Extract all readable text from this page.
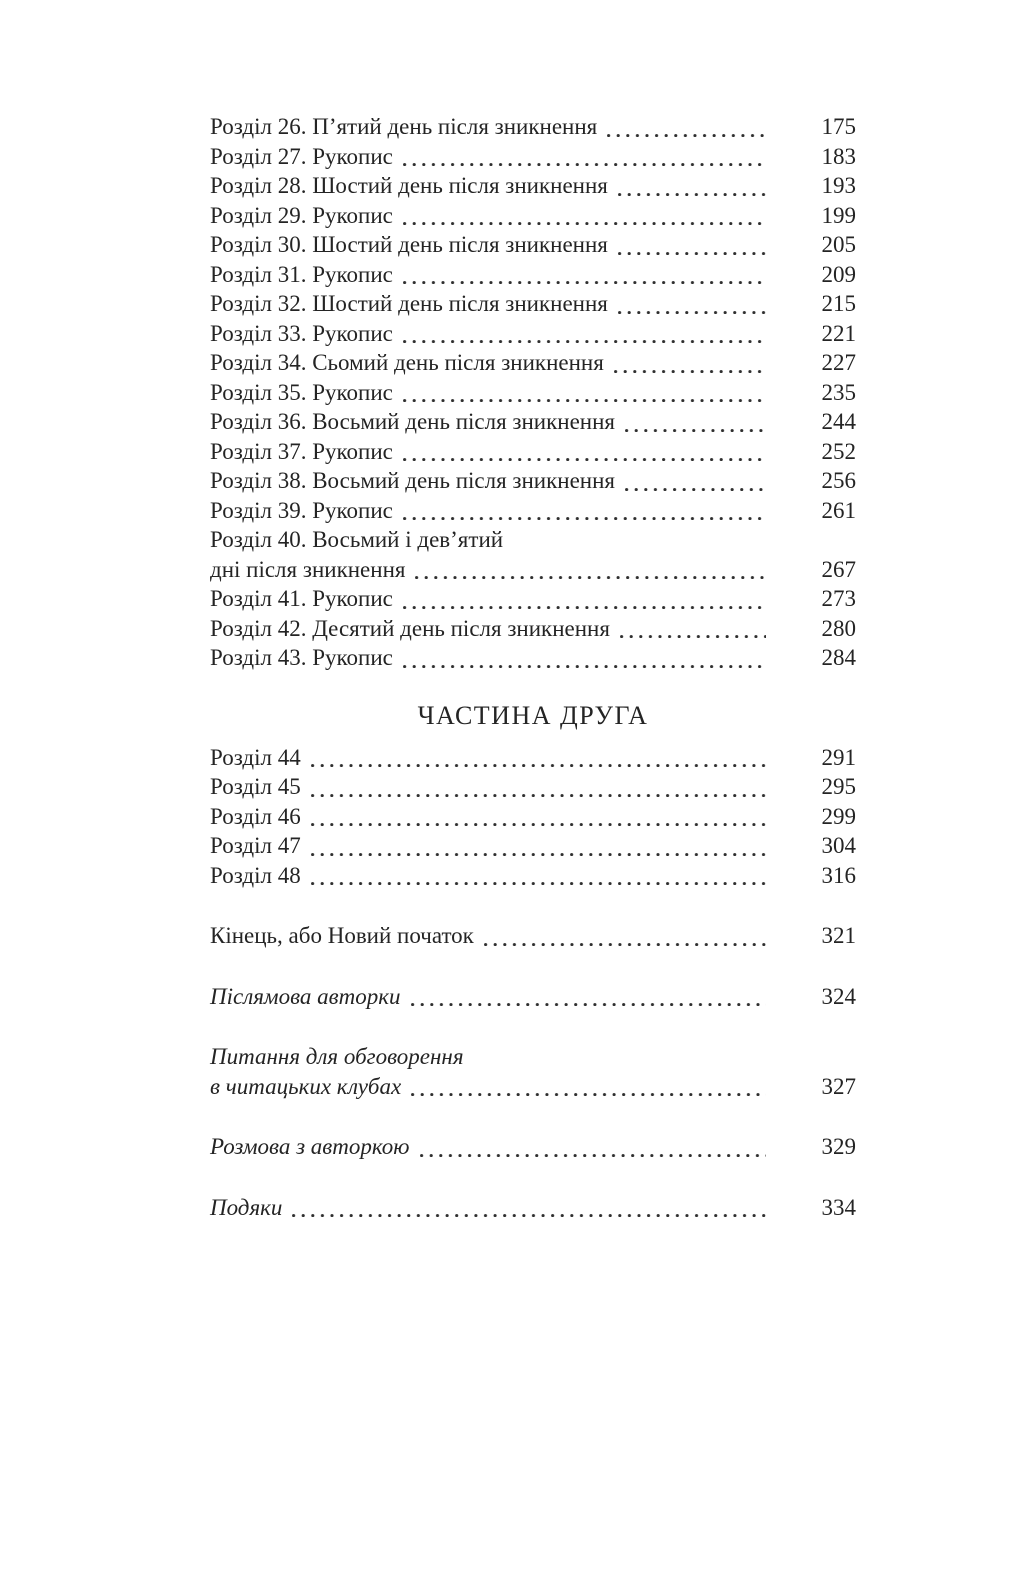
Розділ 26. П’ятий день після зникнення	175
Розділ 27. Рукопис	183
Розділ 28. Шостий день після зникнення	193
Розділ 29. Рукопис	199
Розділ 30. Шостий день після зникнення	205
Розділ 31. Рукопис	209
Розділ 32. Шостий день після зникнення	215
Розділ 33. Рукопис	221
Розділ 34. Сьомий день після зникнення	227
Розділ 35. Рукопис	235
Розділ 36. Восьмий день після зникнення	244
Розділ 37. Рукопис	252
Розділ 38. Восьмий день після зникнення	256
Розділ 39. Рукопис	261
Розділ 40. Восьмий і дев’ятий
дні після зникнення	267
Розділ 41. Рукопис	273
Розділ 42. Десятий день після зникнення	280
Розділ 43. Рукопис	284
ЧАСТИНА ДРУГА
Розділ 44	291
Розділ 45	295
Розділ 46	299
Розділ 47	304
Розділ 48	316
Кінець, або Новий початок	321
Післямова авторки	324
Питання для обговорення
в читацьких клубах	327
Розмова з авторкою	329
Подяки	334
